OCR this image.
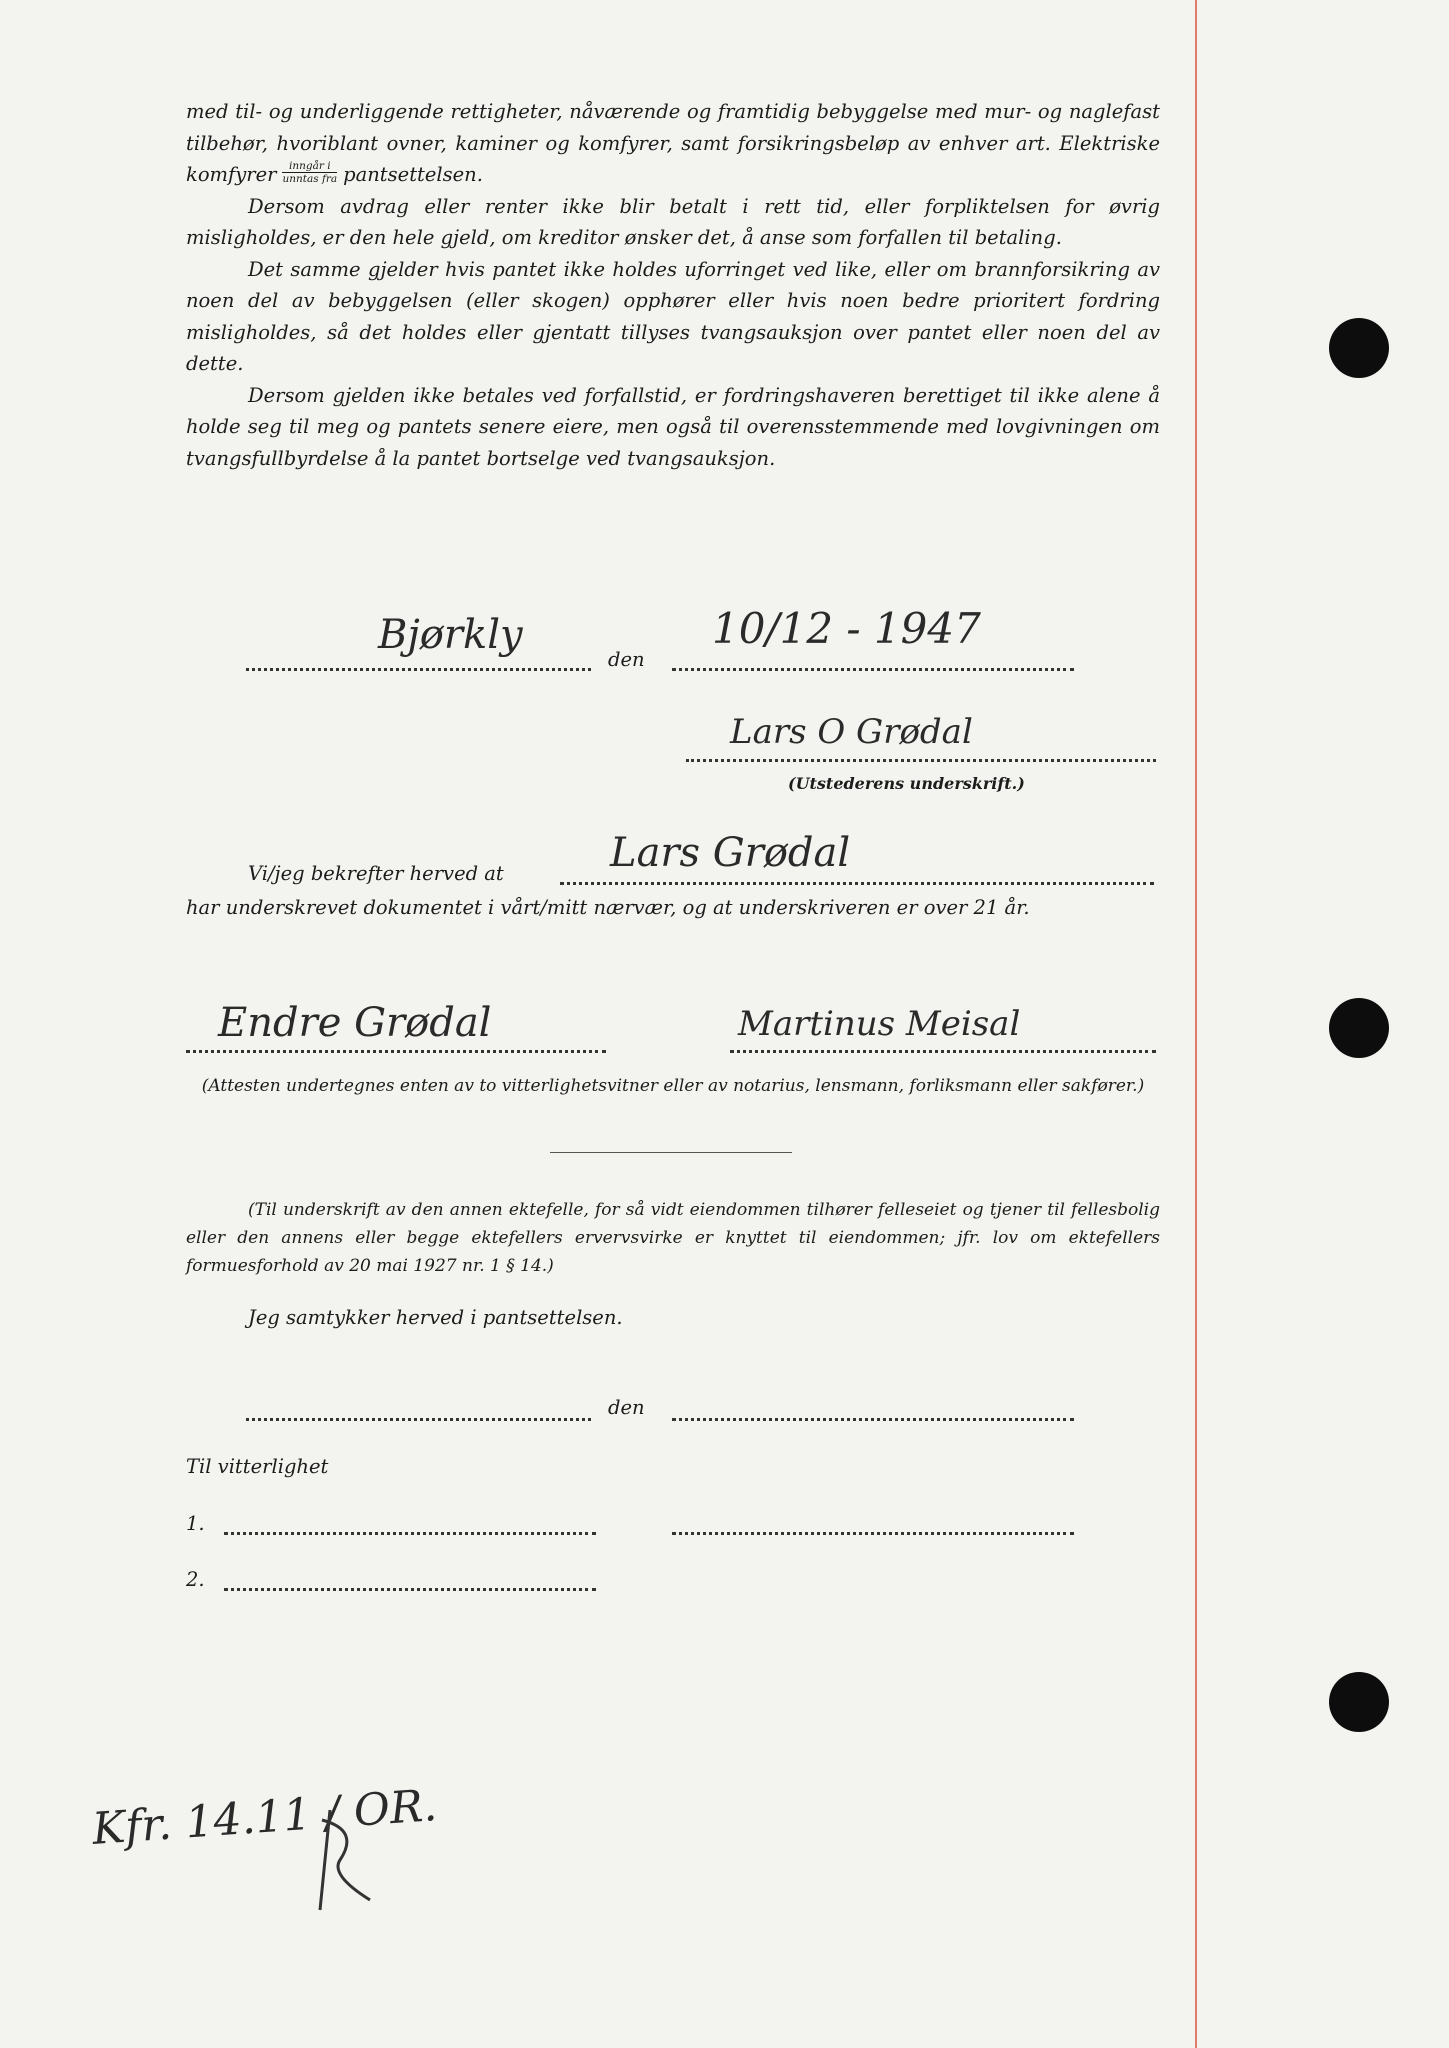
med til- og underliggende rettigheter, nåværende og framtidig bebyggelse med mur- og naglefast tilbehør, hvoriblant ovner, kaminer og komfyrer, samt forsikringsbeløp av enhver art. Elektriske komfyrer $\frac{\text{inngår i}}{\text{unntas fra}}$ pantsettelsen.

Dersom avdrag eller renter ikke blir betalt i rett tid, eller forpliktelsen for øvrig misligholdes, er den hele gjeld, om kreditor ønsker det, å anse som forfallen til betaling.

Det samme gjelder hvis pantet ikke holdes uforringet ved like, eller om brannforsikring av noen del av bebyggelsen (eller skogen) opphører eller hvis noen bedre prioritert fordring misligholdes, så det holdes eller gjentatt tillyses tvangsauksjon over pantet eller noen del av dette.

Dersom gjelden ikke betales ved forfallstid, er fordringshaveren berettiget til ikke alene å holde seg til meg og pantets senere eiere, men også til overensstemmende med lovgivningen om tvangsfullbyrdelse å la pantet bortselge ved tvangsauksjon.

Bjørkly
den
10/12 - 1947
Lars O Grødal
(Utstederens underskrift.)
Vi/jeg bekrefter herved at	Lars Grødal
har underskrevet dokumentet i vårt/mitt nærvær, og at underskriveren er over 21 år.
Endre Grødal	Martinus Meisal
(Attesten undertegnes enten av to vitterlighetsvitner eller av notarius, lensmann, forliksmann eller sakfører.)
(Til underskrift av den annen ektefelle, for så vidt eiendommen tilhører felleseiet og tjener til fellesbolig eller den annens eller begge ektefellers ervervsvirke er knyttet til eiendommen; jfr. lov om ektefellers formuesforhold av 20 mai 1927 nr. 1 § 14.)
Jeg samtykker herved i pantsettelsen.
den
Til vitterlighet
1.
2.
Kfr. 14.11 / OR.
